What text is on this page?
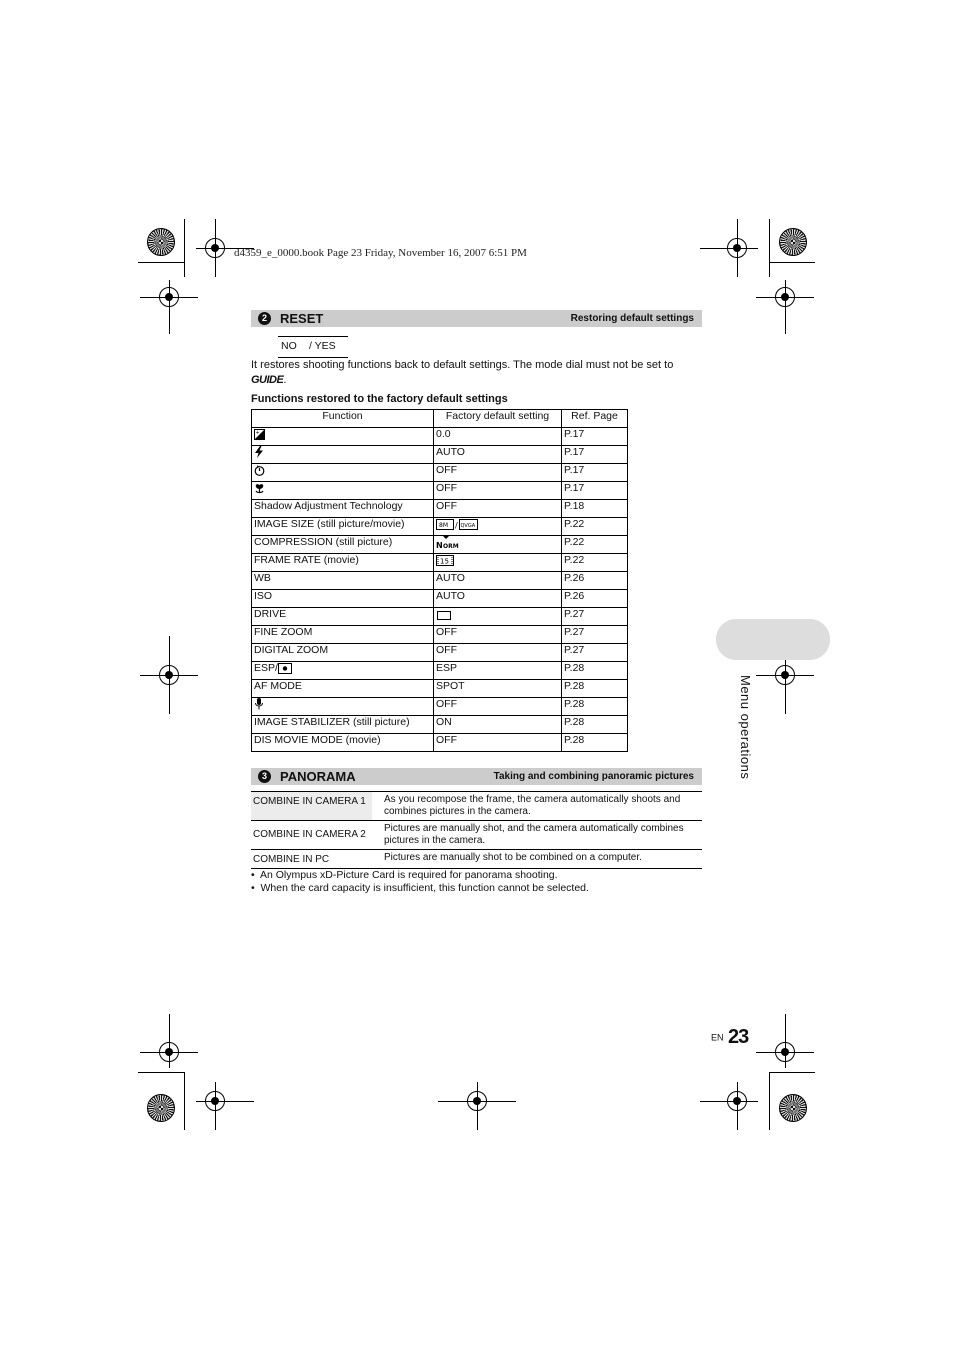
d4359_e_0000.book Page 23 Friday, November 16, 2007 6:51 PM
2	RESET	Restoring default settings
NO / YES
It restores shooting functions back to default settings. The mode dial must not be set to
GUIDE.
Functions restored to the factory default settings
Function	Factory default setting	Ref. Page

+	0.0	P.17
	AUTO	P.17
	OFF	P.17
	OFF	P.17
Shadow Adjustment Technology	OFF	P.18
IMAGE SIZE (still picture/movie)	8M / QVGA	P.22
COMPRESSION (still picture)	N ORM	P.22
FRAME RATE (movie)	15	P.22
WB	AUTO	P.26
ISO	AUTO	P.26
DRIVE		P.27
FINE ZOOM	OFF	P.27
DIGITAL ZOOM	OFF	P.27
ESP/	ESP	P.28
AF MODE	SPOT	P.28
	OFF	P.28
IMAGE STABILIZER (still picture)	ON	P.28
DIS MOVIE MODE (movie)	OFF	P.28
3	PANORAMA	Taking and combining panoramic pictures
COMBINE IN CAMERA 1	As you recompose the frame, the camera automatically shoots and combines pictures in the camera.
COMBINE IN CAMERA 2	Pictures are manually shot, and the camera automatically combines pictures in the camera.
COMBINE IN PC	Pictures are manually shot to be combined on a computer.
•  An Olympus xD-Picture Card is required for panorama shooting.
•  When the card capacity is insufficient, this function cannot be selected.
Menu operations
EN 23
